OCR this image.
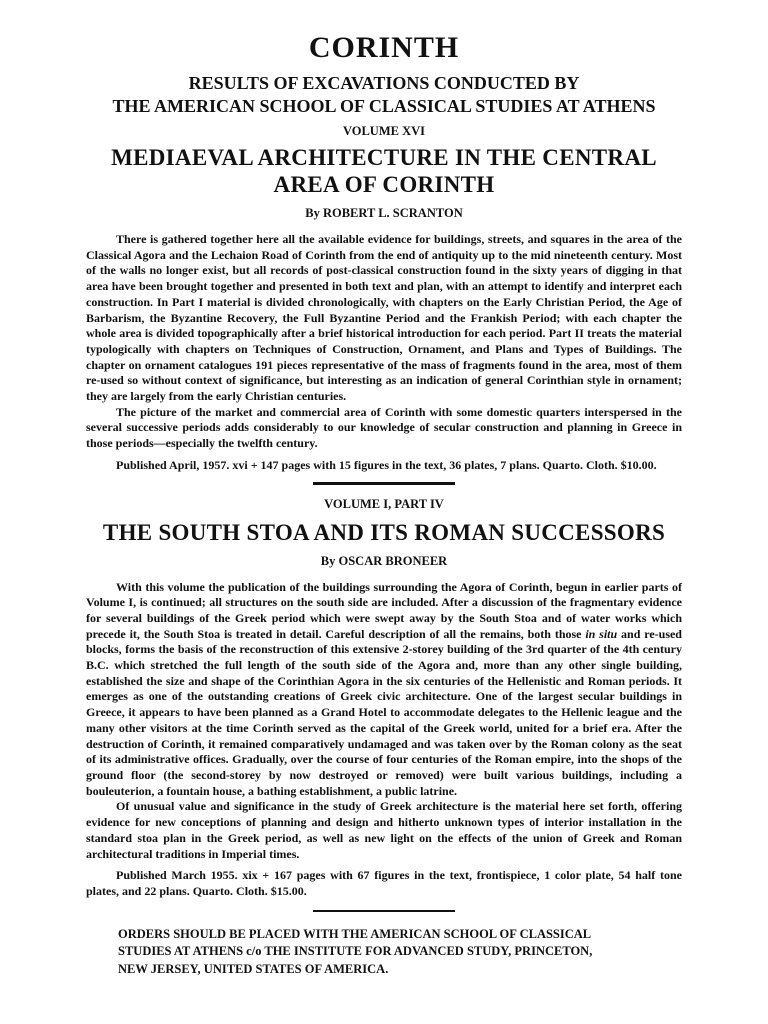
CORINTH
RESULTS OF EXCAVATIONS CONDUCTED BY
THE AMERICAN SCHOOL OF CLASSICAL STUDIES AT ATHENS
VOLUME XVI
MEDIAEVAL ARCHITECTURE IN THE CENTRAL
AREA OF CORINTH
By ROBERT L. SCRANTON

There is gathered together here all the available evidence for buildings, streets, and squares in the area of the Classical Agora and the Lechaion Road of Corinth from the end of antiquity up to the mid nineteenth century. Most of the walls no longer exist, but all records of post-classical construction found in the sixty years of digging in that area have been brought together and presented in both text and plan, with an attempt to identify and interpret each construction. In Part I material is divided chronologically, with chapters on the Early Christian Period, the Age of Barbarism, the Byzantine Recovery, the Full Byzantine Period and the Frankish Period; with each chapter the whole area is divided topographically after a brief historical introduction for each period. Part II treats the material typologically with chapters on Techniques of Construction, Ornament, and Plans and Types of Buildings. The chapter on ornament catalogues 191 pieces representative of the mass of fragments found in the area, most of them re-used so without context of significance, but interesting as an indication of general Corinthian style in ornament; they are largely from the early Christian centuries.

The picture of the market and commercial area of Corinth with some domestic quarters interspersed in the several successive periods adds considerably to our knowledge of secular construction and planning in Greece in those periods—especially the twelfth century.

Published April, 1957. xvi + 147 pages with 15 figures in the text, 36 plates, 7 plans. Quarto. Cloth. $10.00.

VOLUME I, PART IV
THE SOUTH STOA AND ITS ROMAN SUCCESSORS
By OSCAR BRONEER

With this volume the publication of the buildings surrounding the Agora of Corinth, begun in earlier parts of Volume I, is continued; all structures on the south side are included. After a discussion of the fragmentary evidence for several buildings of the Greek period which were swept away by the South Stoa and of water works which precede it, the South Stoa is treated in detail. Careful description of all the remains, both those in situ and re-used blocks, forms the basis of the reconstruction of this extensive 2-storey building of the 3rd quarter of the 4th century B.C. which stretched the full length of the south side of the Agora and, more than any other single building, established the size and shape of the Corinthian Agora in the six centuries of the Hellenistic and Roman periods. It emerges as one of the outstanding creations of Greek civic architecture. One of the largest secular buildings in Greece, it appears to have been planned as a Grand Hotel to accommodate delegates to the Hellenic league and the many other visitors at the time Corinth served as the capital of the Greek world, united for a brief era. After the destruction of Corinth, it remained comparatively undamaged and was taken over by the Roman colony as the seat of its administrative offices. Gradually, over the course of four centuries of the Roman empire, into the shops of the ground floor (the second-storey by now destroyed or removed) were built various buildings, including a bouleuterion, a fountain house, a bathing establishment, a public latrine.

Of unusual value and significance in the study of Greek architecture is the material here set forth, offering evidence for new conceptions of planning and design and hitherto unknown types of interior installation in the standard stoa plan in the Greek period, as well as new light on the effects of the union of Greek and Roman architectural traditions in Imperial times.

Published March 1955. xix + 167 pages with 67 figures in the text, frontispiece, 1 color plate, 54 half tone plates, and 22 plans. Quarto. Cloth. $15.00.

ORDERS SHOULD BE PLACED WITH THE AMERICAN SCHOOL OF CLASSICAL
STUDIES AT ATHENS c/o THE INSTITUTE FOR ADVANCED STUDY, PRINCETON,
NEW JERSEY, UNITED STATES OF AMERICA.
